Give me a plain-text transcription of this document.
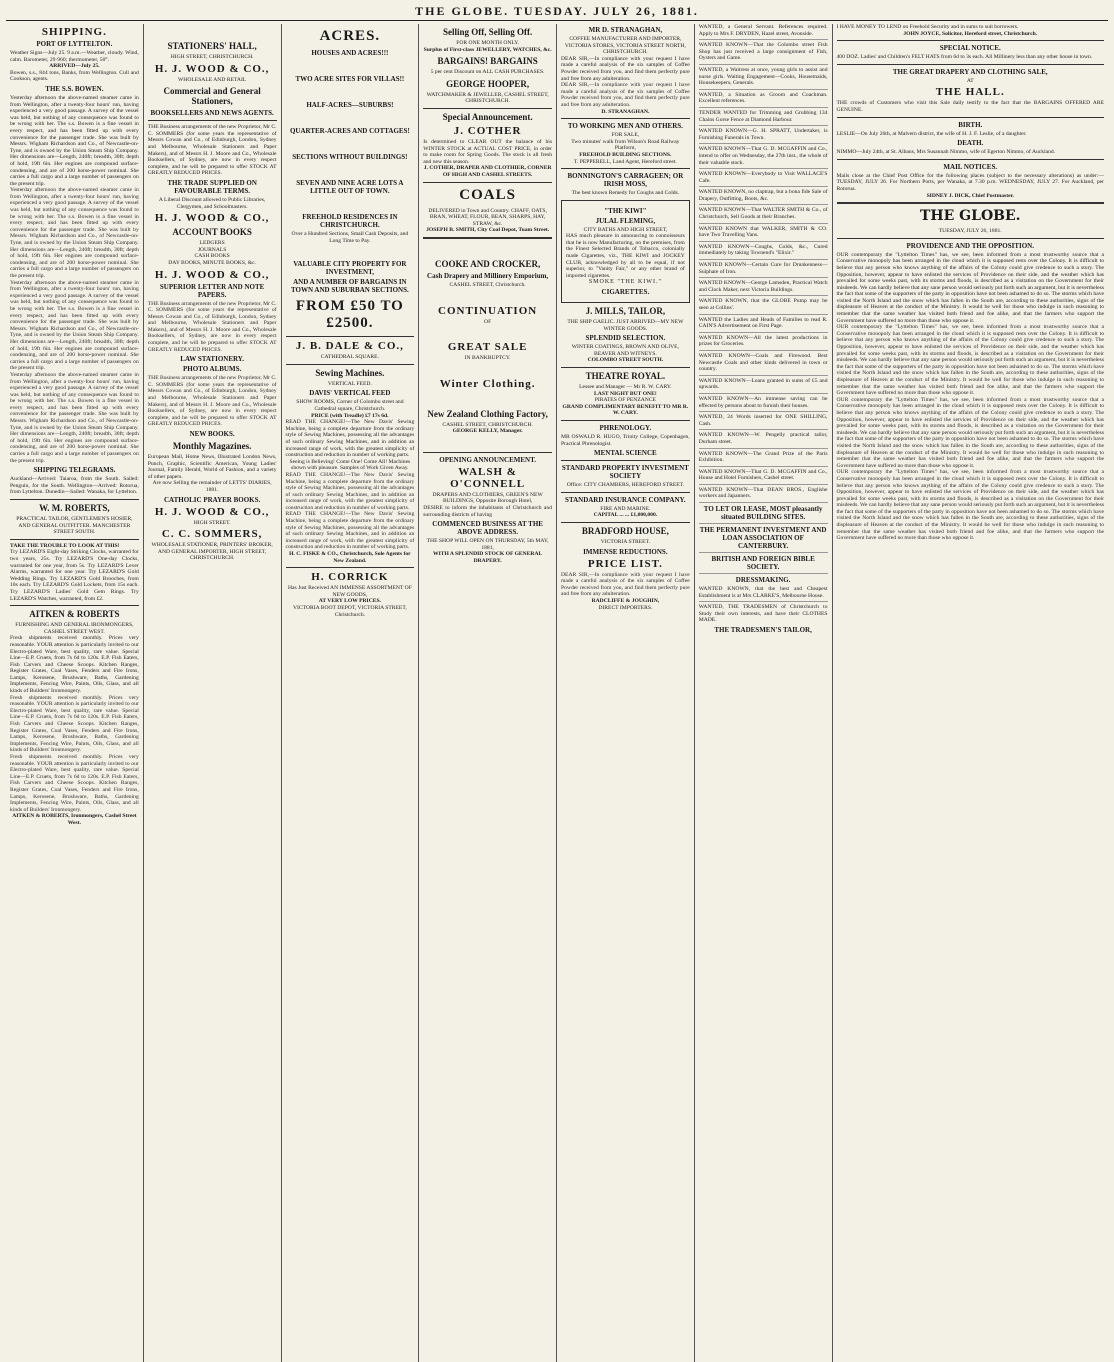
THE GLOBE. TUESDAY. JULY 26, 1881.
SHIPPING.
PORT OF LYTTELTON.
Weather Signs—July 25. 9 a.m.—Weather, cloudy. Wind, calm. Barometer, 29·960; thermometer, 50°.
ARRIVED—July 25.
Bowen, s.s., 844 tons, Banks, from Wellington. Cull and Cookson, agents.
THE S.S. BOWEN.
Yesterday afternoon the above-named steamer came in from Wellington, after a twenty-four hours' run, having experienced a very good passage. A survey of the vessel was held, but nothing of any consequence was found to be wrong with her. The s.s. Bowen is a fine vessel in every respect, and has been fitted up with every convenience for the passenger trade. She was built by Messrs. Wigham Richardson and Co., of Newcastle-on-Tyne, and is owned by the Union Steam Ship Company. Her dimensions are—Length, 240ft; breadth, 30ft; depth of hold, 19ft 6in. Her engines are compound surface-condensing, and are of 200 horse-power nominal. She carries a full cargo and a large number of passengers on the present trip.
Yesterday afternoon the above-named steamer came in from Wellington, after a twenty-four hours' run, having experienced a very good passage. A survey of the vessel was held, but nothing of any consequence was found to be wrong with her. The s.s. Bowen is a fine vessel in every respect, and has been fitted up with every convenience for the passenger trade. She was built by Messrs. Wigham Richardson and Co., of Newcastle-on-Tyne, and is owned by the Union Steam Ship Company. Her dimensions are—Length, 240ft; breadth, 30ft; depth of hold, 19ft 6in. Her engines are compound surface-condensing, and are of 200 horse-power nominal. She carries a full cargo and a large number of passengers on the present trip.
Yesterday afternoon the above-named steamer came in from Wellington, after a twenty-four hours' run, having experienced a very good passage. A survey of the vessel was held, but nothing of any consequence was found to be wrong with her. The s.s. Bowen is a fine vessel in every respect, and has been fitted up with every convenience for the passenger trade. She was built by Messrs. Wigham Richardson and Co., of Newcastle-on-Tyne, and is owned by the Union Steam Ship Company. Her dimensions are—Length, 240ft; breadth, 30ft; depth of hold, 19ft 6in. Her engines are compound surface-condensing, and are of 200 horse-power nominal. She carries a full cargo and a large number of passengers on the present trip.
Yesterday afternoon the above-named steamer came in from Wellington, after a twenty-four hours' run, having experienced a very good passage. A survey of the vessel was held, but nothing of any consequence was found to be wrong with her. The s.s. Bowen is a fine vessel in every respect, and has been fitted up with every convenience for the passenger trade. She was built by Messrs. Wigham Richardson and Co., of Newcastle-on-Tyne, and is owned by the Union Steam Ship Company. Her dimensions are—Length, 240ft; breadth, 30ft; depth of hold, 19ft 6in. Her engines are compound surface-condensing, and are of 200 horse-power nominal. She carries a full cargo and a large number of passengers on the present trip.
SHIPPING TELEGRAMS.
Auckland—Arrived: Taiaroa, from the South. Sailed: Penguin, for the South. Wellington—Arrived: Rotorua, from Lyttelton. Dunedin—Sailed: Wanaka, for Lyttelton.
W. M. ROBERTS,
PRACTICAL TAILOR, GENTLEMEN'S HOSIER, AND GENERAL OUTFITTER. MANCHESTER STREET SOUTH.
TAKE THE TROUBLE TO LOOK AT THIS!
Try LEZARD'S Eight-day Striking Clocks, warranted for two years, 25s. Try LEZARD'S One-day Clocks, warranted for one year, from 5s. Try LEZARD'S Lever Alarms, warranted for one year. Try LEZARD'S Gold Wedding Rings. Try LEZARD'S Gold Brooches, from 10s each. Try LEZARD'S Gold Lockets, from 15s each. Try LEZARD'S Ladies' Gold Gem Rings. Try LEZARD'S Watches, warranted, from £2.
AITKEN & ROBERTS
FURNISHING AND GENERAL IRONMONGERS, CASHEL STREET WEST.
Fresh shipments received monthly. Prices very reasonable. YOUR attention is particularly invited to our Electro-plated Ware, best quality, rare value. Special Line—E.P. Cruets, from 7s 6d to 120s. E.P. Fish Eaters, Fish Carvers and Cheese Scoops. Kitchen Ranges, Register Grates, Coal Vases, Fenders and Fire Irons, Lamps, Kerosene, Brushware, Baths, Gardening Implements, Fencing Wire, Paints, Oils, Glass, and all kinds of Builders' Ironmongery.
Fresh shipments received monthly. Prices very reasonable. YOUR attention is particularly invited to our Electro-plated Ware, best quality, rare value. Special Line—E.P. Cruets, from 7s 6d to 120s. E.P. Fish Eaters, Fish Carvers and Cheese Scoops. Kitchen Ranges, Register Grates, Coal Vases, Fenders and Fire Irons, Lamps, Kerosene, Brushware, Baths, Gardening Implements, Fencing Wire, Paints, Oils, Glass, and all kinds of Builders' Ironmongery.
Fresh shipments received monthly. Prices very reasonable. YOUR attention is particularly invited to our Electro-plated Ware, best quality, rare value. Special Line—E.P. Cruets, from 7s 6d to 120s. E.P. Fish Eaters, Fish Carvers and Cheese Scoops. Kitchen Ranges, Register Grates, Coal Vases, Fenders and Fire Irons, Lamps, Kerosene, Brushware, Baths, Gardening Implements, Fencing Wire, Paints, Oils, Glass, and all kinds of Builders' Ironmongery.
AITKEN & ROBERTS, Ironmongers, Cashel Street West.
STATIONERS' HALL,
HIGH STREET, CHRISTCHURCH.
H. J. WOOD & CO.,
WHOLESALE AND RETAIL
Commercial and General Stationers,
BOOKSELLERS AND NEWS AGENTS.
THE Business arrangements of the new Proprietor, Mr C. C. SOMMERS (for some years the representative of Messrs Cowan and Co., of Edinburgh, London, Sydney and Melbourne, Wholesale Stationers and Paper Makers), and of Messrs H. J. Moore and Co., Wholesale Booksellers, of Sydney, are now in every respect complete, and he will be prepared to offer STOCK AT GREATLY REDUCED PRICES.
THE TRADE SUPPLIED ON FAVOURABLE TERMS.
A Liberal Discount allowed to Public Libraries, Clergymen, and Schoolmasters.
H. J. WOOD & CO.,
ACCOUNT BOOKS
LEDGERS
JOURNALS
CASH BOOKS
DAY BOOKS, MINUTE BOOKS, &c.
H. J. WOOD & CO.,
SUPERIOR LETTER AND NOTE PAPERS.
THE Business arrangements of the new Proprietor, Mr C. C. SOMMERS (for some years the representative of Messrs Cowan and Co., of Edinburgh, London, Sydney and Melbourne, Wholesale Stationers and Paper Makers), and of Messrs H. J. Moore and Co., Wholesale Booksellers, of Sydney, are now in every respect complete, and he will be prepared to offer STOCK AT GREATLY REDUCED PRICES.
LAW STATIONERY.
PHOTO ALBUMS.
THE Business arrangements of the new Proprietor, Mr C. C. SOMMERS (for some years the representative of Messrs Cowan and Co., of Edinburgh, London, Sydney and Melbourne, Wholesale Stationers and Paper Makers), and of Messrs H. J. Moore and Co., Wholesale Booksellers, of Sydney, are now in every respect complete, and he will be prepared to offer STOCK AT GREATLY REDUCED PRICES.
NEW BOOKS.
Monthly Magazines.
European Mail, Home News, Illustrated London News, Punch, Graphic, Scientific American, Young Ladies' Journal, Family Herald, World of Fashion, and a variety of other papers.
Are now Selling the remainder of LETTS' DIARIES, 1881.
CATHOLIC PRAYER BOOKS.
H. J. WOOD & CO.,
HIGH STREET.
C. C. SOMMERS,
WHOLESALE STATIONER, PRINTERS' BROKER, AND GENERAL IMPORTER, HIGH STREET, CHRISTCHURCH.
ACRES.
HOUSES AND ACRES!!!
TWO ACRE SITES FOR VILLAS!!
HALF-ACRES—SUBURBS!
QUARTER-ACRES AND COTTAGES!
SECTIONS WITHOUT BUILDINGS!
SEVEN AND NINE ACRE LOTS A LITTLE OUT OF TOWN.
FREEHOLD RESIDENCES IN CHRISTCHURCH.
Over a Hundred Sections, Small Cash Deposits, and Long Time to Pay.
VALUABLE CITY PROPERTY FOR INVESTMENT,
AND A NUMBER OF BARGAINS IN TOWN AND SUBURBAN SECTIONS.
FROM £50 TO £2500.
J. B. DALE & CO.,
CATHEDRAL SQUARE.
Sewing Machines.
VERTICAL FEED.
DAVIS' VERTICAL FEED
SHOW ROOMS, Corner of Colombo street and Cathedral square, Christchurch.
PRICE (with Treadle) £7 17s 6d.
READ THE CHANGE!—The New Davis' Sewing Machine, being a complete departure from the ordinary style of Sewing Machines, possessing all the advantages of such ordinary Sewing Machines, and in addition an increased range of work, with the greatest simplicity of construction and reduction in number of working parts.
Seeing is Believing! Come One! Come All! Machines shown with pleasure. Samples of Work Given Away.
READ THE CHANGE!—The New Davis' Sewing Machine, being a complete departure from the ordinary style of Sewing Machines, possessing all the advantages of such ordinary Sewing Machines, and in addition an increased range of work, with the greatest simplicity of construction and reduction in number of working parts.
READ THE CHANGE!—The New Davis' Sewing Machine, being a complete departure from the ordinary style of Sewing Machines, possessing all the advantages of such ordinary Sewing Machines, and in addition an increased range of work, with the greatest simplicity of construction and reduction in number of working parts.
H. C. FISKE & CO., Christchurch, Sole Agents for New Zealand.
H. CORRICK
Has Just Received AN IMMENSE ASSORTMENT OF NEW GOODS,
AT VERY LOW PRICES.
VICTORIA BOOT DEPOT, VICTORIA STREET, Christchurch.
Selling Off, Selling Off.
FOR ONE MONTH ONLY.
Surplus of First-class JEWELLERY, WATCHES, &c.
BARGAINS! BARGAINS
5 per cent Discount on ALL CASH PURCHASES.
GEORGE HOOPER,
WATCHMAKER & JEWELLER, CASHEL STREET, CHRISTCHURCH.
Special Announcement.
J. COTHER
Is determined to CLEAR OUT the balance of his WINTER STOCK at ACTUAL COST PRICE, in order to make room for Spring Goods. The stock is all fresh and new this season.
J. COTHER, DRAPER AND CLOTHIER, CORNER OF HIGH AND CASHEL STREETS.
COALS
DELIVERED in Town and Country. CHAFF, OATS, BRAN, WHEAT, FLOUR, BEAN, SHARPS, HAY, STRAW, &c.
JOSEPH B. SMITH, City Coal Depot, Tuam Street.
COOKE AND CROCKER,
Cash Drapery and Millinery Emporium,
CASHEL STREET, Christchurch.
CONTINUATION
OF
GREAT SALE
IN BANKRUPTCY.
Winter Clothing.
New Zealand Clothing Factory,
CASHEL STREET, CHRISTCHURCH.
GEORGE KELLY, Manager.
OPENING ANNOUNCEMENT.
WALSH & O'CONNELL
DRAPERS AND CLOTHIERS, GREEN'S NEW BUILDINGS, Opposite Borough Hotel,
DESIRE to inform the inhabitants of Christchurch and surrounding districts of having
COMMENCED BUSINESS AT THE ABOVE ADDRESS.
THE SHOP WILL OPEN ON THURSDAY, 5th MAY, 1881,
WITH A SPLENDID STOCK OF GENERAL DRAPERY.
MR D. STRANAGHAN,
COFFEE MANUFACTURER AND IMPORTER, VICTORIA STORES, VICTORIA STREET NORTH, CHRISTCHURCH.
DEAR SIR,—In compliance with your request I have made a careful analysis of the six samples of Coffee Powder received from you, and find them perfectly pure and free from any adulteration.
DEAR SIR,—In compliance with your request I have made a careful analysis of the six samples of Coffee Powder received from you, and find them perfectly pure and free from any adulteration.
D. STRANAGHAN.
TO WORKING MEN AND OTHERS.
FOR SALE,
Two minutes' walk from Wilson's Road Railway Platform,
FREEHOLD BUILDING SECTIONS.
T. PEPPERELL, Land Agent, Hereford street.
BONNINGTON'S CARRAGEEN; OR IRISH MOSS,
The best known Remedy for Coughs and Colds.
"THE KIWI"
JULAL FLEMING,
CITY BATHS AND HIGH STREET,
HAS much pleasure in announcing to connoisseurs that he is now Manufacturing, on the premises, from the Finest Selected Brands of Tobacco, colonially made Cigarettes, viz., THE KIWI and JOCKEY CLUB, acknowledged by all to be equal, if not superior, to "Vanity Fair," or any other brand of imported cigarettes.
SMOKE "THE KIWI."
CIGARETTES.
J. MILLS, TAILOR,
THE SHIP GAELIC. JUST ARRIVED—MY NEW WINTER GOODS.
SPLENDID SELECTION.
WINTER COATINGS, BROWN AND OLIVE, BEAVER AND WITNEYS.
COLOMBO STREET SOUTH.
THEATRE ROYAL.
Lessee and Manager — Mr R. W. CARY.
LAST NIGHT BUT ONE!
PIRATES OF PENZANCE
GRAND COMPLIMENTARY BENEFIT TO MR R. W. CARY.
PHRENOLOGY.
MR OSWALD R. HUGO, Trinity College, Copenhagen, Practical Phrenologist.
MENTAL SCIENCE
STANDARD PROPERTY INVESTMENT SOCIETY
Office: CITY CHAMBERS, HEREFORD STREET.
STANDARD INSURANCE COMPANY.
FIRE AND MARINE.
CAPITAL ... ... £1,000,000.
BRADFORD HOUSE,
VICTORIA STREET.
IMMENSE REDUCTIONS.
PRICE LIST.
DEAR SIR,—In compliance with your request I have made a careful analysis of the six samples of Coffee Powder received from you, and find them perfectly pure and free from any adulteration.
RADCLIFFE & JOUGHIN,
DIRECT IMPORTERS.
WANTED, a General Servant. References required. Apply to Mrs F. DRYDEN, Hazel street, Avonside.
WANTED KNOWN—That the Colombo street Fish Shop has just received a large consignment of Fish, Oysters and Game.
WANTED, a Waitress at once, young girls to assist and nurse girls. Waiting Engagement—Cooks, Housemaids, Housekeepers, Generals.
WANTED, a Situation as Groom and Coachman. Excellent references.
TENDER WANTED for Trimming and Grubbing 134 Chains Gorse Fence at Diamond Harbour.
WANTED KNOWN—G. H. SPRATT, Undertaker, is Furnishing Funerals in Town.
WANTED KNOWN—That G. D. MCGAFFIN and Co., intend to offer on Wednesday, the 27th inst., the whole of their valuable stock.
WANTED KNOWN—Everybody to Visit WALLACE'S Cafe.
WANTED KNOWN, no claptrap, but a bona fide Sale of Drapery, Outfitting, Boots, &c.
WANTED KNOWN—That WALTER SMITH & Co., of Christchurch, Sell Goods at their Branches.
WANTED KNOWN that WALKER, SMITH & CO. have Two Travelling Vans.
WANTED KNOWN—Coughs, Colds, &c., Cured immediately by taking Townend's "Elixir."
WANTED KNOWN—Certain Cure for Drunkenness—Sulphate of Iron.
WANTED KNOWN—George Lamsden, Practical Watch and Clock Maker, next Victoria Buildings.
WANTED KNOWN, that the GLOBE Pump may be seen at Collins'.
WANTED the Ladies and Heads of Families to read R. CAIN'S Advertisement on First Page.
WANTED KNOWN—All the latest productions in prizes for Groceries.
WANTED KNOWN—Coals and Firewood. Best Newcastle Coals and other kinds delivered in town or country.
WANTED KNOWN—Loans granted in sums of £5 and upwards.
WANTED KNOWN—An immense saving can be effected by persons about to furnish their houses.
WANTED, 24 Words inserted for ONE SHILLING, Cash.
WANTED KNOWN—W. Pengelly practical tailor, Durham street.
WANTED KNOWN—The Grand Prize of the Paris Exhibition.
WANTED KNOWN—That G. D. MCGAFFIN and Co., House and Hotel Furnishers, Cashel street.
WANTED KNOWN—That DEAN BROS., Englishe workers and Japanners.
TO LET OR LEASE, MOST pleasantly situated BUILDING SITES.
THE PERMANENT INVESTMENT AND LOAN ASSOCIATION OF CANTERBURY.
BRITISH AND FOREIGN BIBLE SOCIETY.
DRESSMAKING.
WANTED KNOWN, that the best and Cheapest Establishment is at Mrs CLARKE'S, Melbourne House.
WANTED, THE TRADESMEN of Christchurch to Study their own interests, and have their CLOTHES MADE.
THE TRADESMEN'S TAILOR,
I HAVE MONEY TO LEND on Freehold Security and in sums to suit borrowers.
JOHN JOYCE, Solicitor, Hereford street, Christchurch.
SPECIAL NOTICE.
400 DOZ. Ladies' and Children's FELT HATS from 6d to 3s each. All Millinery less than any other house in town.
THE GREAT DRAPERY AND CLOTHING SALE,
AT
THE HALL.
THE crowds of Customers who visit this Sale daily testify to the fact that the BARGAINS OFFERED ARE GENUINE.
BIRTH.
LESLIE—On July 26th, at Malvern district, the wife of H. J. F. Leslie, of a daughter.
DEATH.
NIMMO—July 24th, at St. Albans, Mrs Susannah Nimmo, wife of Egerton Nimmo, of Auckland.
MAIL NOTICES.
Mails close at the Chief Post Office for the following places (subject to the necessary alterations) as under:—TUESDAY, JULY 26. For Northern Ports, per Wanaka, at 7.30 p.m. WEDNESDAY, JULY 27. For Auckland, per Rotorua.
SIDNEY J. DICK, Chief Postmaster.
THE GLOBE.
TUESDAY, JULY 26, 1881.
PROVIDENCE AND THE OPPOSITION.
OUR contemporary the "Lyttelton Times" has, we see, been informed from a most trustworthy source that a Conservative monopoly has been arranged in the cloud which it is supposed rests over the Colony. It is difficult to believe that any person who knows anything of the affairs of the Colony could give credence to such a story. The Opposition, however, appear to have enlisted the services of Providence on their side, and the weather which has prevailed for some weeks past, with its storms and floods, is described as a visitation on the Government for their misdeeds. We can hardly believe that any sane person would seriously put forth such an argument, but it is nevertheless the fact that some of the supporters of the party in opposition have not been ashamed to do so. The storms which have visited the North Island and the snow which has fallen in the South are, according to these authorities, signs of the displeasure of Heaven at the conduct of the Ministry. It would be well for those who indulge in such reasoning to remember that the same weather has visited both friend and foe alike, and that the farmers who support the Government have suffered no more than those who oppose it.
OUR contemporary the "Lyttelton Times" has, we see, been informed from a most trustworthy source that a Conservative monopoly has been arranged in the cloud which it is supposed rests over the Colony. It is difficult to believe that any person who knows anything of the affairs of the Colony could give credence to such a story. The Opposition, however, appear to have enlisted the services of Providence on their side, and the weather which has prevailed for some weeks past, with its storms and floods, is described as a visitation on the Government for their misdeeds. We can hardly believe that any sane person would seriously put forth such an argument, but it is nevertheless the fact that some of the supporters of the party in opposition have not been ashamed to do so. The storms which have visited the North Island and the snow which has fallen in the South are, according to these authorities, signs of the displeasure of Heaven at the conduct of the Ministry. It would be well for those who indulge in such reasoning to remember that the same weather has visited both friend and foe alike, and that the farmers who support the Government have suffered no more than those who oppose it.
OUR contemporary the "Lyttelton Times" has, we see, been informed from a most trustworthy source that a Conservative monopoly has been arranged in the cloud which it is supposed rests over the Colony. It is difficult to believe that any person who knows anything of the affairs of the Colony could give credence to such a story. The Opposition, however, appear to have enlisted the services of Providence on their side, and the weather which has prevailed for some weeks past, with its storms and floods, is described as a visitation on the Government for their misdeeds. We can hardly believe that any sane person would seriously put forth such an argument, but it is nevertheless the fact that some of the supporters of the party in opposition have not been ashamed to do so. The storms which have visited the North Island and the snow which has fallen in the South are, according to these authorities, signs of the displeasure of Heaven at the conduct of the Ministry. It would be well for those who indulge in such reasoning to remember that the same weather has visited both friend and foe alike, and that the farmers who support the Government have suffered no more than those who oppose it.
OUR contemporary the "Lyttelton Times" has, we see, been informed from a most trustworthy source that a Conservative monopoly has been arranged in the cloud which it is supposed rests over the Colony. It is difficult to believe that any person who knows anything of the affairs of the Colony could give credence to such a story. The Opposition, however, appear to have enlisted the services of Providence on their side, and the weather which has prevailed for some weeks past, with its storms and floods, is described as a visitation on the Government for their misdeeds. We can hardly believe that any sane person would seriously put forth such an argument, but it is nevertheless the fact that some of the supporters of the party in opposition have not been ashamed to do so. The storms which have visited the North Island and the snow which has fallen in the South are, according to these authorities, signs of the displeasure of Heaven at the conduct of the Ministry. It would be well for those who indulge in such reasoning to remember that the same weather has visited both friend and foe alike, and that the farmers who support the Government have suffered no more than those who oppose it.
